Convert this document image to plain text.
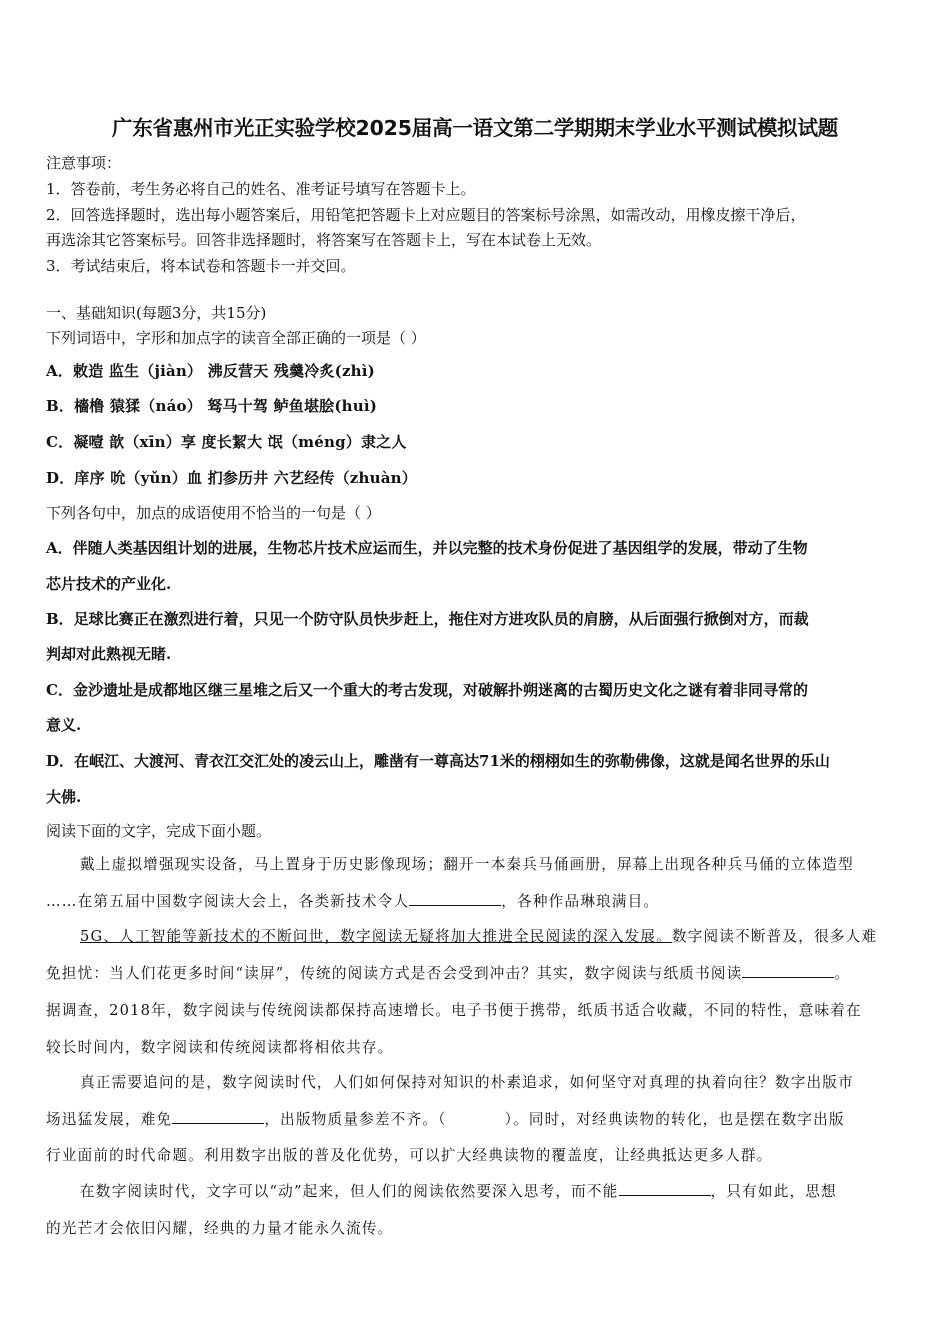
广东省惠州市光正实验学校2025届高一语文第二学期期末学业水平测试模拟试题
注意事项：
1．答卷前，考生务必将自己的姓名、准考证号填写在答题卡上。
2．回答选择题时，选出每小题答案后，用铅笔把答题卡上对应题目的答案标号涂黑，如需改动，用橡皮擦干净后，
再选涂其它答案标号。回答非选择题时，将答案写在答题卡上，写在本试卷上无效。
3．考试结束后，将本试卷和答题卡一并交回。
一、基础知识(每题3分，共15分)
下列词语中，字形和加点字的读音全部正确的一项是（ ）
A．敕造 监生（jiàn） 沸反营天 残羹冷炙(zhì)
B．檣橹 猿猱（náo） 驽马十驾 鲈鱼堪脍(huì)
C．凝噎 歆（xīn）享 度长絜大 氓（méng）隶之人
D．庠序 吮（yǔn）血 扪参历井 六艺经传（zhuàn）
下列各句中，加点的成语使用不恰当的一句是（ ）
A．伴随人类基因组计划的进展，生物芯片技术应运而生，并以完整的技术身份促进了基因组学的发展，带动了生物
芯片技术的产业化.
B．足球比赛正在激烈进行着，只见一个防守队员快步赶上，拖住对方进攻队员的肩膀，从后面强行掀倒对方，而裁
判却对此熟视无睹.
C．金沙遗址是成都地区继三星堆之后又一个重大的考古发现，对破解扑朔迷离的古蜀历史文化之谜有着非同寻常的
意义.
D．在岷江、大渡河、青衣江交汇处的凌云山上，雕凿有一尊高达71米的栩栩如生的弥勒佛像，这就是闻名世界的乐山
大佛.
阅读下面的文字，完成下面小题。
戴上虚拟增强现实设备，马上置身于历史影像现场；翻开一本秦兵马俑画册，屏幕上出现各种兵马俑的立体造型
……在第五届中国数字阅读大会上，各类新技术令人	，各种作品琳琅满目。
5G、人工智能等新技术的不断问世，数字阅读无疑将加大推进全民阅读的深入发展。数字阅读不断普及，很多人难
免担忧：当人们花更多时间“读屏”，传统的阅读方式是否会受到冲击？其实，数字阅读与纸质书阅读	。
据调查，2018年，数字阅读与传统阅读都保持高速增长。电子书便于携带，纸质书适合收藏，不同的特性，意味着在
较长时间内，数字阅读和传统阅读都将相依共存。
真正需要追问的是，数字阅读时代，人们如何保持对知识的朴素追求，如何坚守对真理的执着向往？数字出版市
场迅猛发展，难免	，出版物质量参差不齐。（	）。同时，对经典读物的转化，也是摆在数字出版
行业面前的时代命题。利用数字出版的普及化优势，可以扩大经典读物的覆盖度，让经典抵达更多人群。
在数字阅读时代，文字可以“动”起来，但人们的阅读依然要深入思考，而不能	，只有如此，思想
的光芒才会依旧闪耀，经典的力量才能永久流传。
